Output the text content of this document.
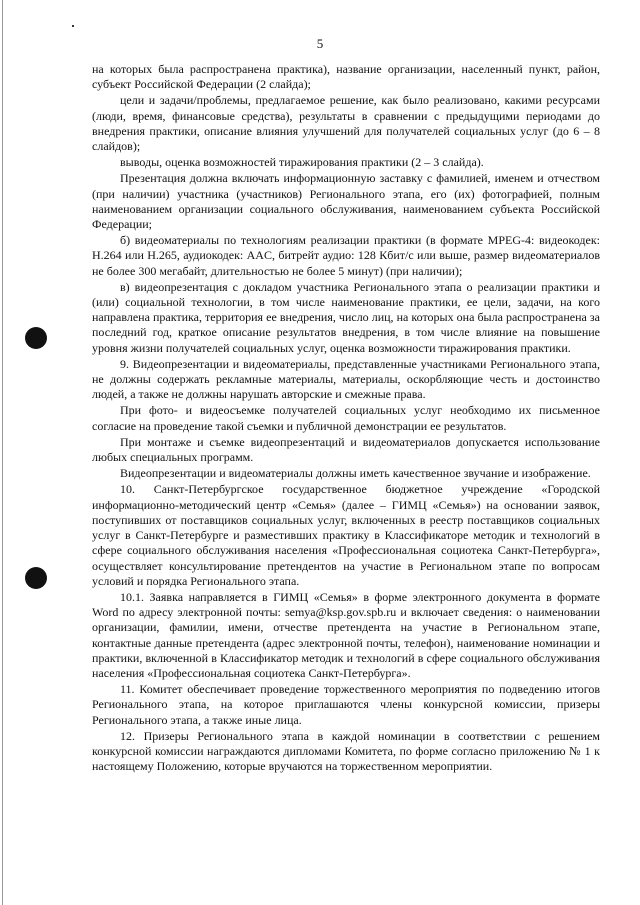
5

на которых была распространена практика), название организации, населенный пункт, район, субъект Российской Федерации (2 слайда);

цели и задачи/проблемы, предлагаемое решение, как было реализовано, какими ресурсами (люди, время, финансовые средства), результаты в сравнении с предыдущими периодами до внедрения практики, описание влияния улучшений для получателей социальных услуг (до 6 – 8 слайдов);

выводы, оценка возможностей тиражирования практики (2 – 3 слайда).

Презентация должна включать информационную заставку с фамилией, именем и отчеством (при наличии) участника (участников) Регионального этапа, его (их) фотографией, полным наименованием организации социального обслуживания, наименованием субъекта Российской Федерации;

б) видеоматериалы по технологиям реализации практики (в формате MPEG-4: видеокодек: H.264 или H.265, аудиокодек: AAC, битрейт аудио: 128 Кбит/с или выше, размер видеоматериалов не более 300 мегабайт, длительностью не более 5 минут) (при наличии);

в) видеопрезентация с докладом участника Регионального этапа о реализации практики и (или) социальной технологии, в том числе наименование практики, ее цели, задачи, на кого направлена практика, территория ее внедрения, число лиц, на которых она была распространена за последний год, краткое описание результатов внедрения, в том числе влияние на повышение уровня жизни получателей социальных услуг, оценка возможности тиражирования практики.

9. Видеопрезентации и видеоматериалы, представленные участниками Регионального этапа, не должны содержать рекламные материалы, материалы, оскорбляющие честь и достоинство людей, а также не должны нарушать авторские и смежные права.

При фото- и видеосъемке получателей социальных услуг необходимо их письменное согласие на проведение такой съемки и публичной демонстрации ее результатов.

При монтаже и съемке видеопрезентаций и видеоматериалов допускается использование любых специальных программ.

Видеопрезентации и видеоматериалы должны иметь качественное звучание и изображение.

10. Санкт-Петербургское государственное бюджетное учреждение «Городской информационно-методический центр «Семья» (далее – ГИМЦ «Семья») на основании заявок, поступивших от поставщиков социальных услуг, включенных в реестр поставщиков социальных услуг в Санкт-Петербурге и разместивших практику в Классификаторе методик и технологий в сфере социального обслуживания населения «Профессиональная социотека Санкт-Петербурга», осуществляет консультирование претендентов на участие в Региональном этапе по вопросам условий и порядка Регионального этапа.

10.1. Заявка направляется в ГИМЦ «Семья» в форме электронного документа в формате Word по адресу электронной почты: semya@ksp.gov.spb.ru и включает сведения: о наименовании организации, фамилии, имени, отчестве претендента на участие в Региональном этапе, контактные данные претендента (адрес электронной почты, телефон), наименование номинации и практики, включенной в Классификатор методик и технологий в сфере социального обслуживания населения «Профессиональная социотека Санкт-Петербурга».

11. Комитет обеспечивает проведение торжественного мероприятия по подведению итогов Регионального этапа, на которое приглашаются члены конкурсной комиссии, призеры Регионального этапа, а также иные лица.

12. Призеры Регионального этапа в каждой номинации в соответствии с решением конкурсной комиссии награждаются дипломами Комитета, по форме согласно приложению № 1 к настоящему Положению, которые вручаются на торжественном мероприятии.
